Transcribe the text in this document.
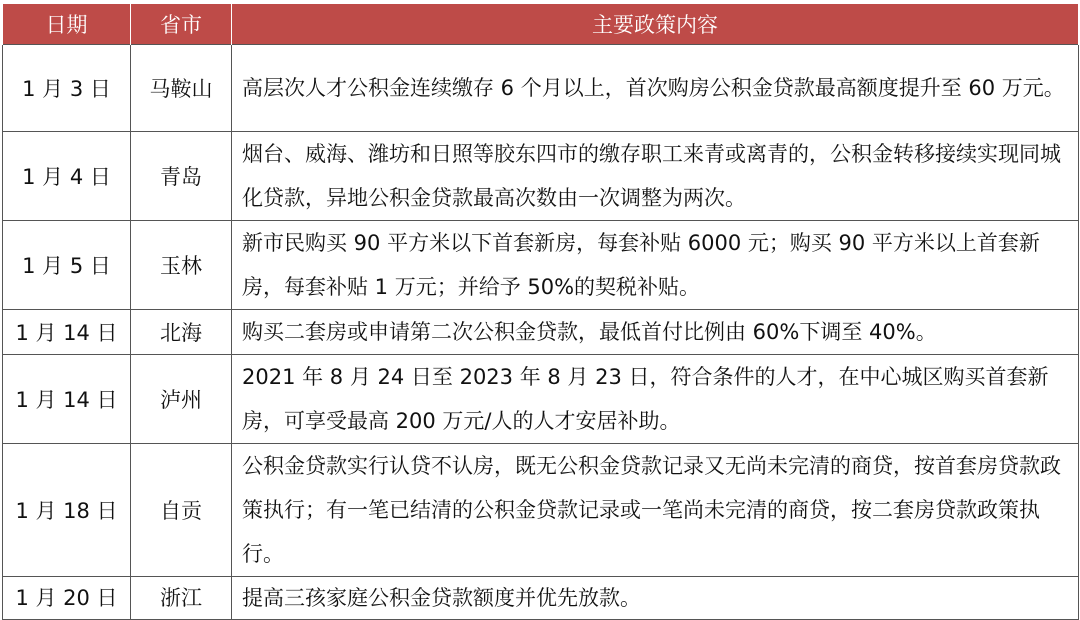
日期	省市	主要政策内容
1 月 3 日	马鞍山	高层次人才公积金连续缴存 6 个月以上，首次购房公积金贷款最高额度提升至 60 万元。
1 月 4 日	青岛	烟台、威海、潍坊和日照等胶东四市的缴存职工来青或离青的，公积金转移接续实现同城化贷款，异地公积金贷款最高次数由一次调整为两次。
1 月 5 日	玉林	新市民购买 90 平方米以下首套新房，每套补贴 6000 元；购买 90 平方米以上首套新房，每套补贴 1 万元；并给予 50%的契税补贴。
1 月 14 日	北海	购买二套房或申请第二次公积金贷款，最低首付比例由 60%下调至 40%。
1 月 14 日	泸州	2021 年 8 月 24 日至 2023 年 8 月 23 日，符合条件的人才，在中心城区购买首套新房，可享受最高 200 万元/人的人才安居补助。
1 月 18 日	自贡	公积金贷款实行认贷不认房，既无公积金贷款记录又无尚未完清的商贷，按首套房贷款政策执行；有一笔已结清的公积金贷款记录或一笔尚未完清的商贷，按二套房贷款政策执行。
1 月 20 日	浙江	提高三孩家庭公积金贷款额度并优先放款。
